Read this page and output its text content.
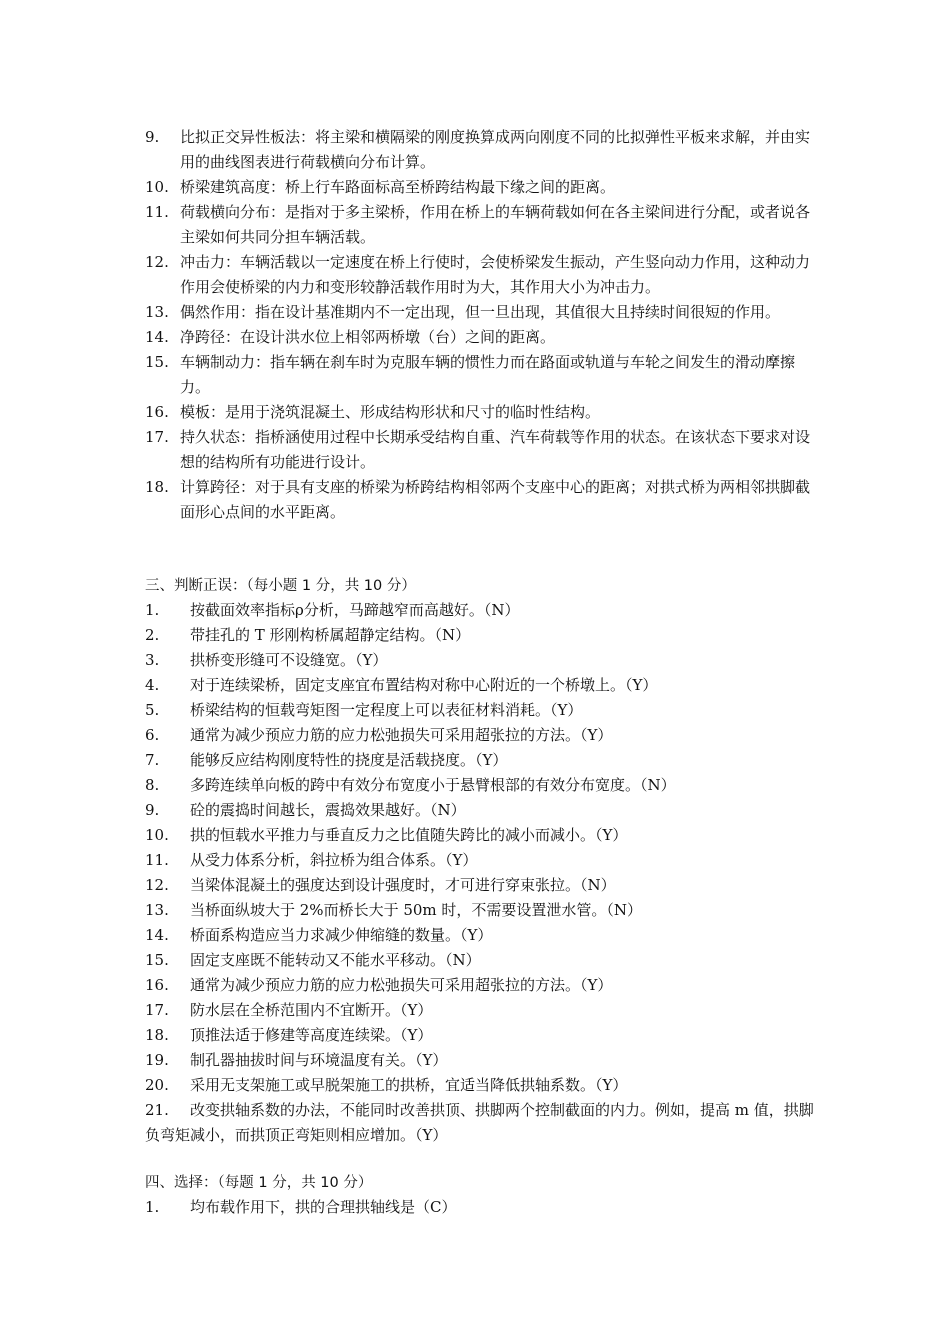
9. 比拟正交异性板法：将主梁和横隔梁的刚度换算成两向刚度不同的比拟弹性平板来求解，并由实用的曲线图表进行荷载横向分布计算。
10. 桥梁建筑高度：桥上行车路面标高至桥跨结构最下缘之间的距离。
11. 荷载横向分布：是指对于多主梁桥，作用在桥上的车辆荷载如何在各主梁间进行分配，或者说各主梁如何共同分担车辆活载。
12. 冲击力：车辆活载以一定速度在桥上行使时，会使桥梁发生振动，产生竖向动力作用，这种动力作用会使桥梁的内力和变形较静活载作用时为大，其作用大小为冲击力。
13. 偶然作用：指在设计基准期内不一定出现，但一旦出现，其值很大且持续时间很短的作用。
14. 净跨径：在设计洪水位上相邻两桥墩（台）之间的距离。
15. 车辆制动力：指车辆在刹车时为克服车辆的惯性力而在路面或轨道与车轮之间发生的滑动摩擦力。
16. 模板：是用于浇筑混凝土、形成结构形状和尺寸的临时性结构。
17. 持久状态：指桥涵使用过程中长期承受结构自重、汽车荷载等作用的状态。在该状态下要求对设想的结构所有功能进行设计。
18. 计算跨径：对于具有支座的桥梁为桥跨结构相邻两个支座中心的距离；对拱式桥为两相邻拱脚截面形心点间的水平距离。
三、判断正误：（每小题 1 分，共 10 分）
1. 按截面效率指标ρ分析，马蹄越窄而高越好。（N）
2. 带挂孔的 T 形刚构桥属超静定结构。（N）
3. 拱桥变形缝可不设缝宽。（Y）
4. 对于连续梁桥，固定支座宜布置结构对称中心附近的一个桥墩上。（Y）
5. 桥梁结构的恒载弯矩图一定程度上可以表征材料消耗。（Y）
6. 通常为减少预应力筋的应力松弛损失可采用超张拉的方法。（Y）
7. 能够反应结构刚度特性的挠度是活载挠度。（Y）
8. 多跨连续单向板的跨中有效分布宽度小于悬臂根部的有效分布宽度。（N）
9. 砼的震捣时间越长，震捣效果越好。（N）
10. 拱的恒载水平推力与垂直反力之比值随失跨比的减小而减小。（Y）
11. 从受力体系分析，斜拉桥为组合体系。（Y）
12. 当梁体混凝土的强度达到设计强度时，才可进行穿束张拉。（N）
13. 当桥面纵坡大于 2%而桥长大于 50m 时，不需要设置泄水管。（N）
14. 桥面系构造应当力求减少伸缩缝的数量。（Y）
15. 固定支座既不能转动又不能水平移动。（N）
16. 通常为减少预应力筋的应力松弛损失可采用超张拉的方法。（Y）
17. 防水层在全桥范围内不宜断开。（Y）
18. 顶推法适于修建等高度连续梁。（Y）
19. 制孔器抽拔时间与环境温度有关。（Y）
20. 采用无支架施工或早脱架施工的拱桥，宜适当降低拱轴系数。（Y）
21.	改变拱轴系数的办法，不能同时改善拱顶、拱脚两个控制截面的内力。例如，提高 m 值，拱脚负弯矩减小，而拱顶正弯矩则相应增加。（Y）
四、选择：（每题 1 分，共 10 分）
1. 均布载作用下，拱的合理拱轴线是（C）
